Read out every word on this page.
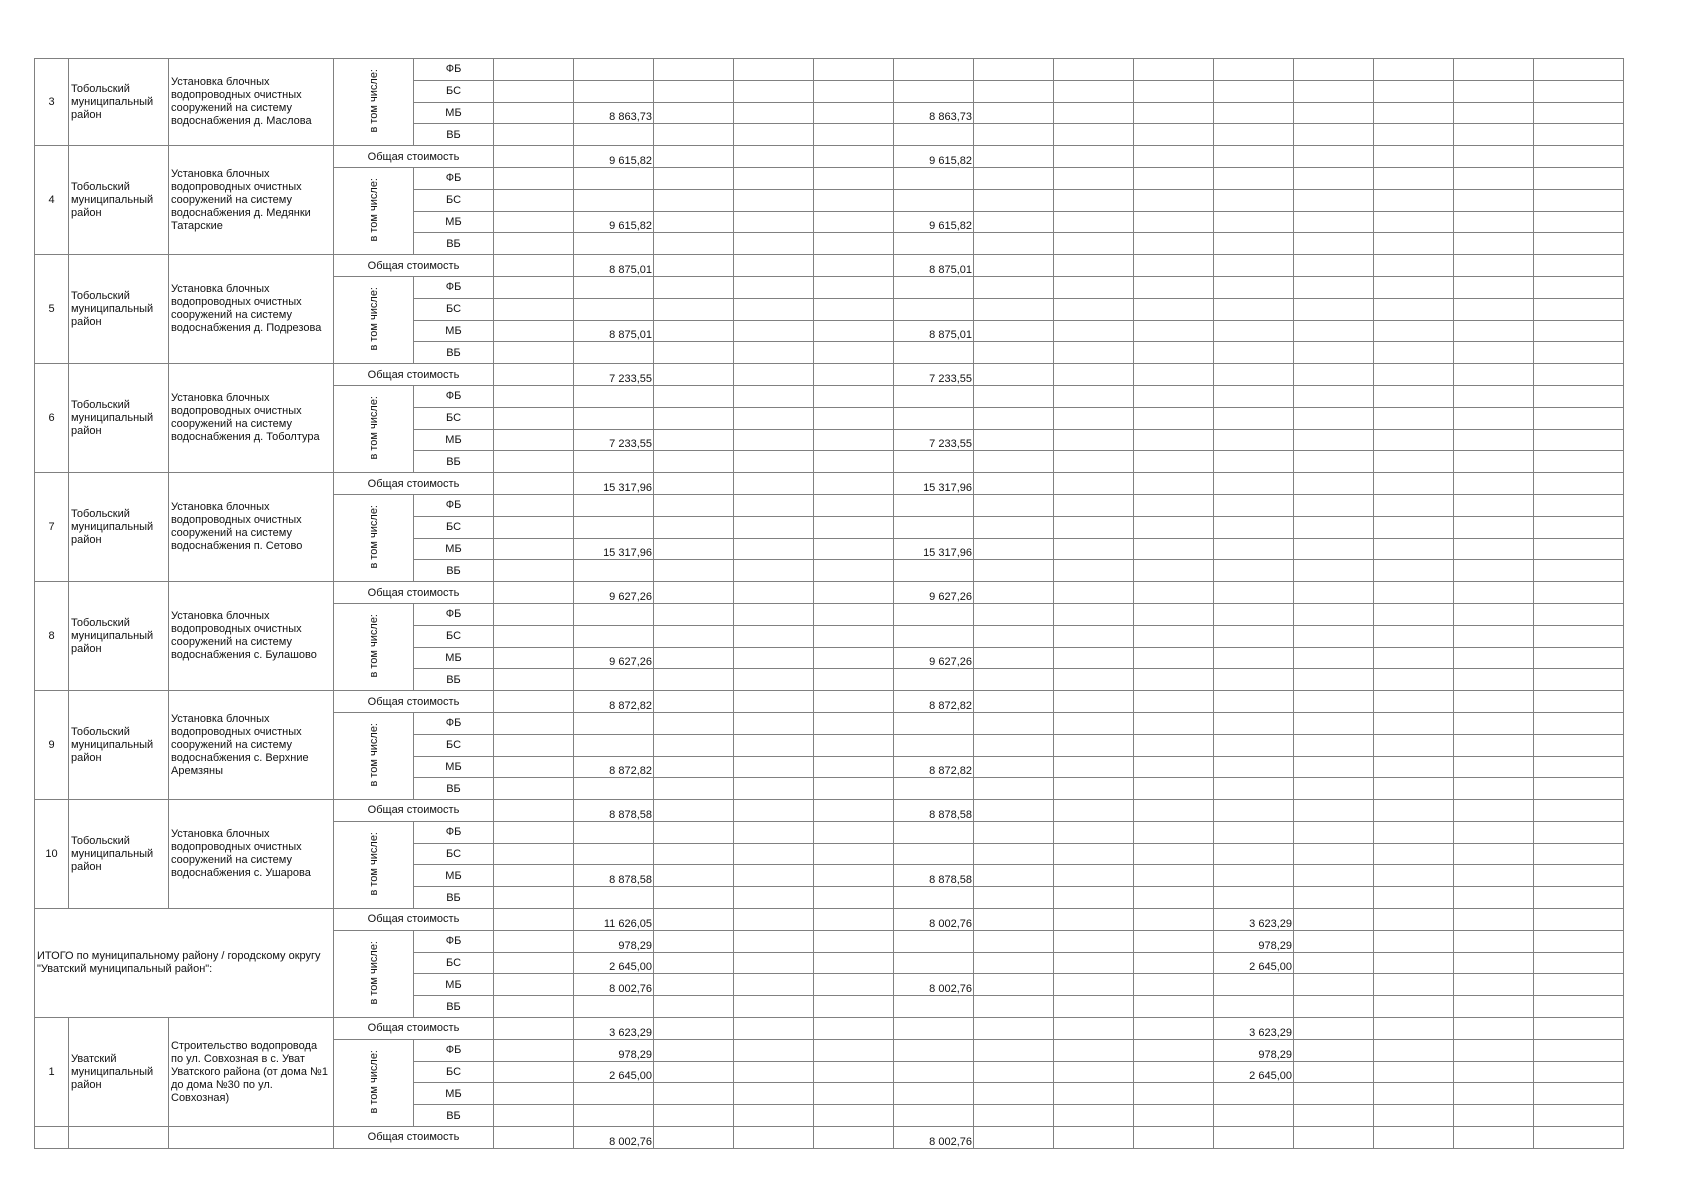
3	Тобольский муниципальный район	Установка блочных водопроводных очистных сооружений на систему водоснабжения д. Маслова	в том числе:	ФБ														
				БС														
				МБ		8 863,73				8 863,73								
				ВБ														
4	Тобольский муниципальный район	Установка блочных водопроводных очистных сооружений на систему водоснабжения д. Медянки Татарские	Общая стоимость			9 615,82				9 615,82								
			в том числе:	ФБ														
				БС														
				МБ		9 615,82				9 615,82								
				ВБ														
5	Тобольский муниципальный район	Установка блочных водопроводных очистных сооружений на систему водоснабжения д. Подрезова	Общая стоимость			8 875,01				8 875,01								
			в том числе:	ФБ														
				БС														
				МБ		8 875,01				8 875,01								
				ВБ														
6	Тобольский муниципальный район	Установка блочных водопроводных очистных сооружений на систему водоснабжения д. Тоболтура	Общая стоимость			7 233,55				7 233,55								
			в том числе:	ФБ														
				БС														
				МБ		7 233,55				7 233,55								
				ВБ														
7	Тобольский муниципальный район	Установка блочных водопроводных очистных сооружений на систему водоснабжения п. Сетово	Общая стоимость			15 317,96				15 317,96								
			в том числе:	ФБ														
				БС														
				МБ		15 317,96				15 317,96								
				ВБ														
8	Тобольский муниципальный район	Установка блочных водопроводных очистных сооружений на систему водоснабжения с. Булашово	Общая стоимость			9 627,26				9 627,26								
			в том числе:	ФБ														
				БС														
				МБ		9 627,26				9 627,26								
				ВБ														
9	Тобольский муниципальный район	Установка блочных водопроводных очистных сооружений на систему водоснабжения с. Верхние Аремзяны	Общая стоимость			8 872,82				8 872,82								
			в том числе:	ФБ														
				БС														
				МБ		8 872,82				8 872,82								
				ВБ														
10	Тобольский муниципальный район	Установка блочных водопроводных очистных сооружений на систему водоснабжения с. Ушарова	Общая стоимость			8 878,58				8 878,58								
			в том числе:	ФБ														
				БС														
				МБ		8 878,58				8 878,58								
				ВБ														
ИТОГО по муниципальному району / городскому округу "Уватский муниципальный район":			Общая стоимость			11 626,05				8 002,76				3 623,29				
			в том числе:	ФБ		978,29								978,29				
				БС		2 645,00								2 645,00				
				МБ		8 002,76				8 002,76								
				ВБ														
1	Уватский муниципальный район	Строительство водопровода по ул. Совхозная в с. Уват Уватского района (от дома №1 до дома №30 по ул. Совхозная)	Общая стоимость			3 623,29								3 623,29				
			в том числе:	ФБ		978,29								978,29				
				БС		2 645,00								2 645,00				
				МБ														
				ВБ														
			Общая стоимость			8 002,76				8 002,76								
